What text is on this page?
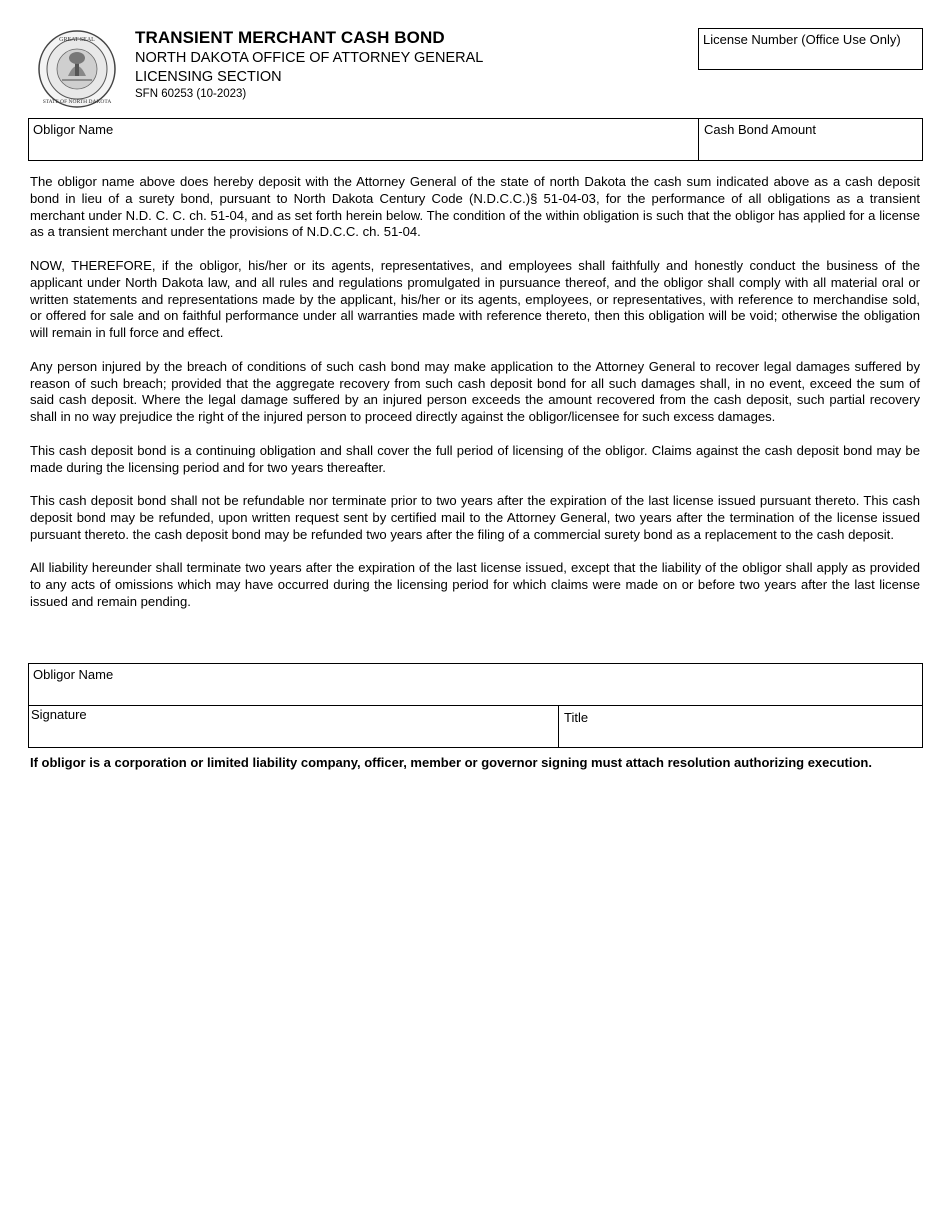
GREAT SEAL
STATE OF NORTH DAKOTA
TRANSIENT MERCHANT CASH BOND
NORTH DAKOTA OFFICE OF ATTORNEY GENERAL
LICENSING SECTION
SFN 60253 (10-2023)
License Number (Office Use Only)
Obligor Name	Cash Bond Amount

The obligor name above does hereby deposit with the Attorney General of the state of north Dakota the cash sum indicated above as a cash deposit bond in lieu of a surety bond, pursuant to North Dakota Century Code (N.D.C.C.)§ 51-04-03, for the performance of all obligations as a transient merchant under N.D. C. C. ch. 51-04, and as set forth herein below. The condition of the within obligation is such that the obligor has applied for a license as a transient merchant under the provisions of N.D.C.C. ch. 51-04.

NOW, THEREFORE, if the obligor, his/her or its agents, representatives, and employees shall faithfully and honestly conduct the business of the applicant under North Dakota law, and all rules and regulations promulgated in pursuance thereof, and the obligor shall comply with all material oral or written statements and representations made by the applicant, his/her or its agents, employees, or representatives, with reference to merchandise sold, or offered for sale and on faithful performance under all warranties made with reference thereto, then this obligation will be void; otherwise the obligation will remain in full force and effect.

Any person injured by the breach of conditions of such cash bond may make application to the Attorney General to recover legal damages suffered by reason of such breach; provided that the aggregate recovery from such cash deposit bond for all such damages shall, in no event, exceed the sum of said cash deposit. Where the legal damage suffered by an injured person exceeds the amount recovered from the cash deposit, such partial recovery shall in no way prejudice the right of the injured person to proceed directly against the obligor/licensee for such excess damages.

This cash deposit bond is a continuing obligation and shall cover the full period of licensing of the obligor. Claims against the cash deposit bond may be made during the licensing period and for two years thereafter.

This cash deposit bond shall not be refundable nor terminate prior to two years after the expiration of the last license issued pursuant thereto. This cash deposit bond may be refunded, upon written request sent by certified mail to the Attorney General, two years after the termination of the license issued pursuant thereto. the cash deposit bond may be refunded two years after the filing of a commercial surety bond as a replacement to the cash deposit.

All liability hereunder shall terminate two years after the expiration of the last license issued, except that the liability of the obligor shall apply as provided to any acts of omissions which may have occurred during the licensing period for which claims were made on or before two years after the last license issued and remain pending.

Obligor Name
Signature	Title
If obligor is a corporation or limited liability company, officer, member or governor signing must attach resolution authorizing execution.
